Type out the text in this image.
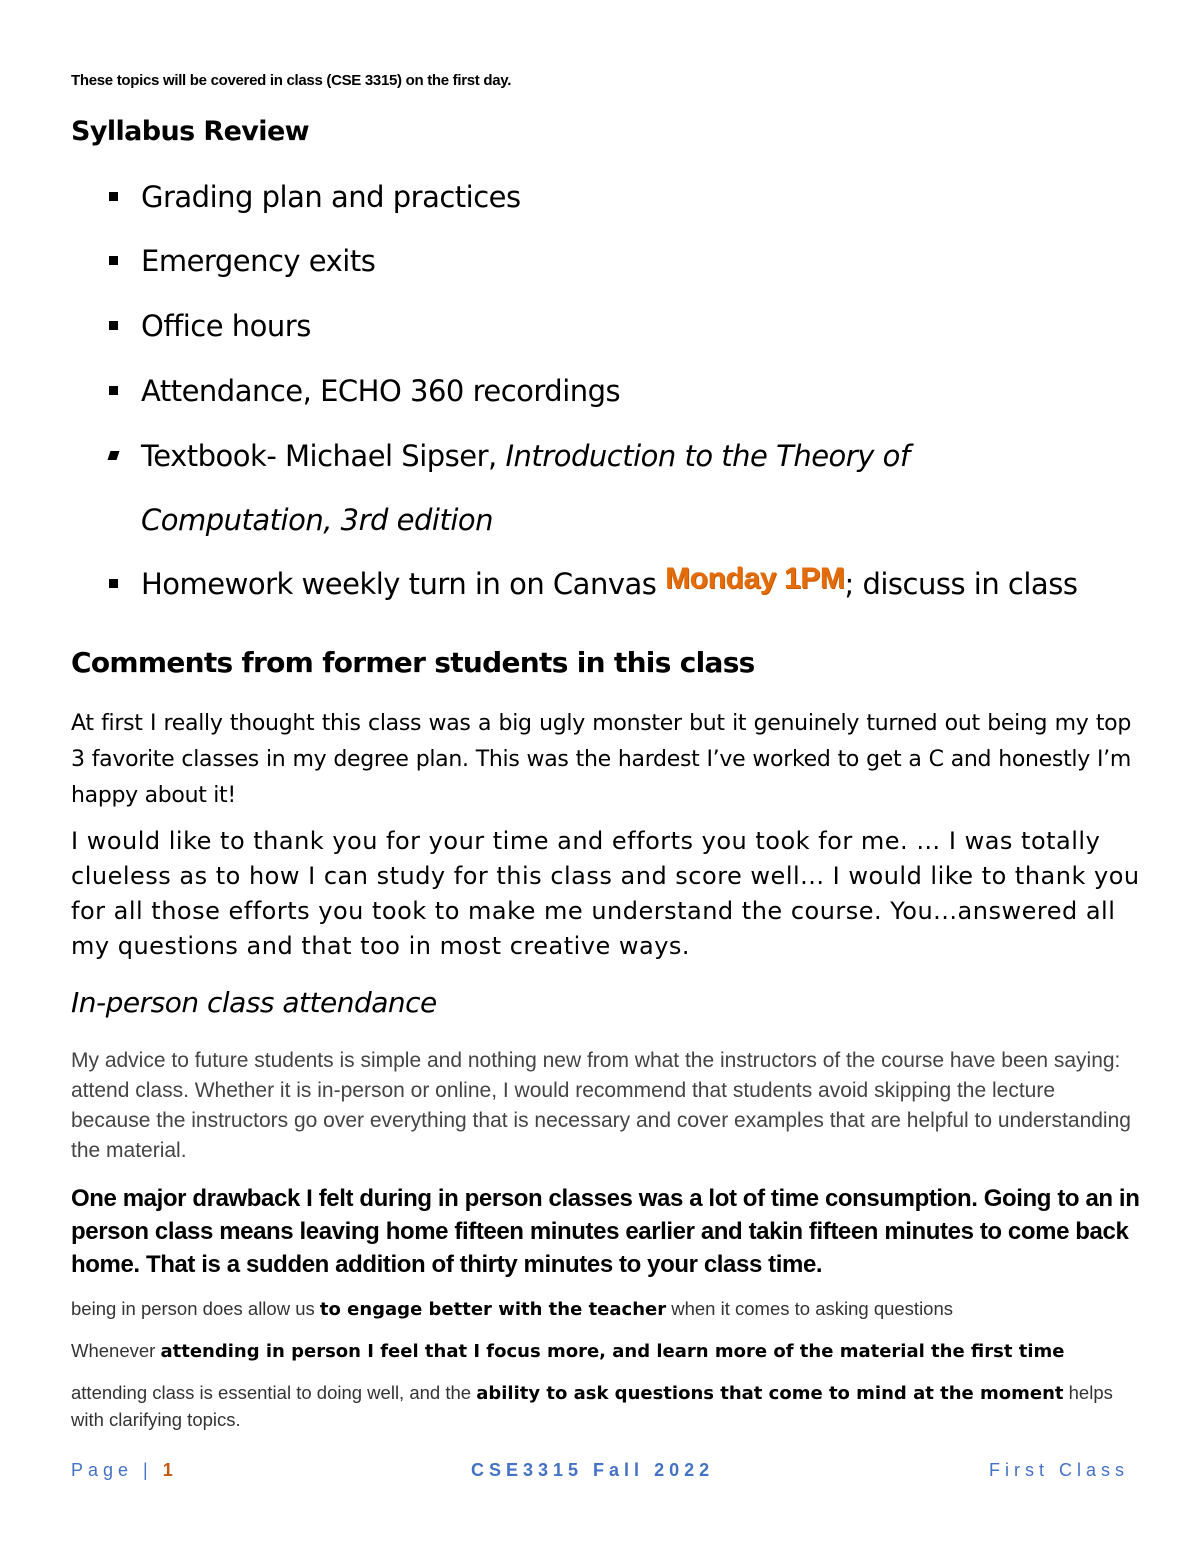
These topics will be covered in class (CSE 3315) on the first day.
Syllabus Review
Grading plan and practices
Emergency exits
Office hours
Attendance, ECHO 360 recordings
Textbook- Michael Sipser, Introduction to the Theory of
Computation, 3rd edition
Homework weekly turn in on Canvas Monday 1PM; discuss in class
Comments from former students in this class

At first I really thought this class was a big ugly monster but it genuinely turned out being my top 3 favorite classes in my degree plan. This was the hardest I’ve worked to get a C and honestly I’m happy about it!

I would like to thank you for your time and efforts you took for me. … I was totally clueless as to how I can study for this class and score well... I would like to thank you for all those efforts you took to make me understand the course. You...answered all my questions and that too in most creative ways.

In-person class attendance

My advice to future students is simple and nothing new from what the instructors of the course have been saying: attend class. Whether it is in-person or online, I would recommend that students avoid skipping the lecture because the instructors go over everything that is necessary and cover examples that are helpful to understanding the material.

One major drawback I felt during in person classes was a lot of time consumption. Going to an in person class means leaving home fifteen minutes earlier and takin fifteen minutes to come back home. That is a sudden addition of thirty minutes to your class time.

being in person does allow us to engage better with the teacher when it comes to asking questions

Whenever attending in person I feel that I focus more, and learn more of the material the first time

attending class is essential to doing well, and the ability to ask questions that come to mind at the moment helps with clarifying topics.

Page | 1	CSE3315 Fall 2022	First Class
